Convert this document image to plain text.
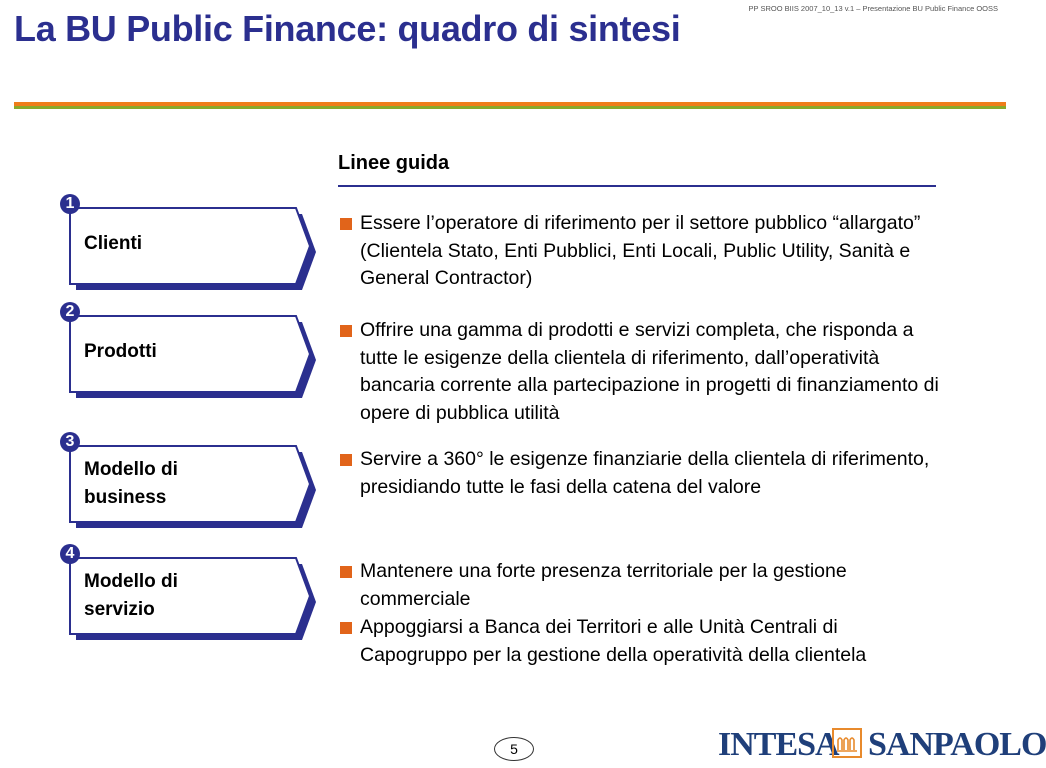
La BU Public Finance: quadro di sintesi	PP SROO BIIS 2007_10_13 v.1 – Presentazione BU Public Finance OOSS
Linee guida
1
Clienti
2
Prodotti
3
Modello di
business
4
Modello di
servizio
Essere l’operatore di riferimento per il settore pubblico “allargato” (Clientela Stato, Enti Pubblici, Enti Locali, Public Utility, Sanità e General Contractor)
Offrire una gamma di prodotti e servizi completa, che risponda a tutte le esigenze della clientela di riferimento, dall’operatività bancaria corrente alla partecipazione in progetti di finanziamento di opere di pubblica utilità
Servire a 360° le esigenze finanziarie della clientela di riferimento, presidiando tutte le fasi della catena del valore
Mantenere una forte presenza territoriale per la gestione commerciale
Appoggiarsi a Banca dei Territori e alle Unità Centrali di Capogruppo per la gestione della operatività della clientela
5	INTESA SANPAOLO
